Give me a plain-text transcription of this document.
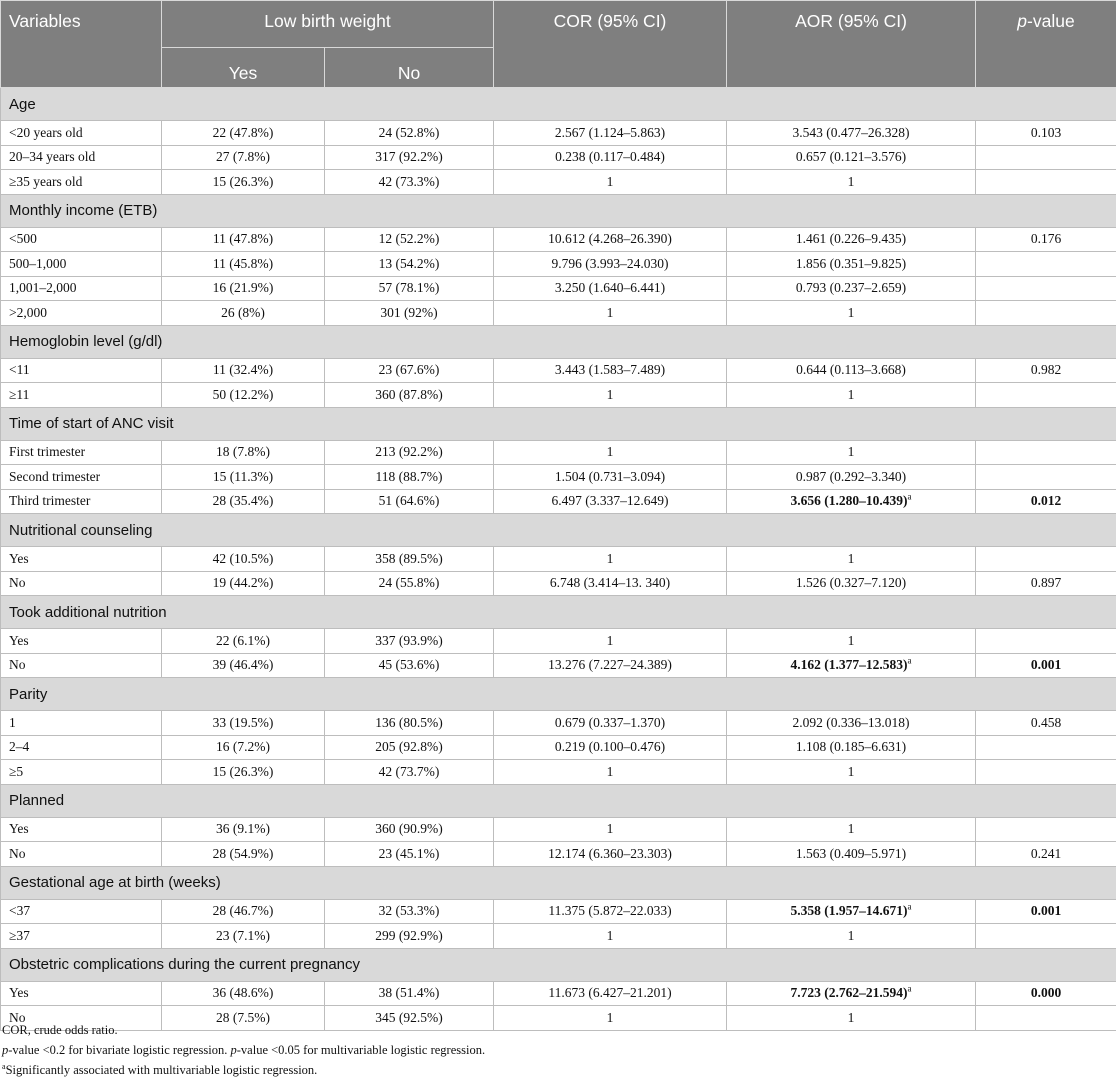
Variables	Low birth weight		COR (95% CI)	AOR (95% CI)	p-value
	Yes	No			
Age					
<20 years old	22 (47.8%)	24 (52.8%)	2.567 (1.124–5.863)	3.543 (0.477–26.328)	0.103
20–34 years old	27 (7.8%)	317 (92.2%)	0.238 (0.117–0.484)	0.657 (0.121–3.576)	
≥35 years old	15 (26.3%)	42 (73.3%)	1	1	
Monthly income (ETB)					
<500	11 (47.8%)	12 (52.2%)	10.612 (4.268–26.390)	1.461 (0.226–9.435)	0.176
500–1,000	11 (45.8%)	13 (54.2%)	9.796 (3.993–24.030)	1.856 (0.351–9.825)	
1,001–2,000	16 (21.9%)	57 (78.1%)	3.250 (1.640–6.441)	0.793 (0.237–2.659)	
>2,000	26 (8%)	301 (92%)	1	1	
Hemoglobin level (g/dl)					
<11	11 (32.4%)	23 (67.6%)	3.443 (1.583–7.489)	0.644 (0.113–3.668)	0.982
≥11	50 (12.2%)	360 (87.8%)	1	1	
Time of start of ANC visit					
First trimester	18 (7.8%)	213 (92.2%)	1	1	
Second trimester	15 (11.3%)	118 (88.7%)	1.504 (0.731–3.094)	0.987 (0.292–3.340)	
Third trimester	28 (35.4%)	51 (64.6%)	6.497 (3.337–12.649)	3.656 $(1.280-10.439)^a$	0.012
Nutritional counseling					
Yes	42 (10.5%)	358 (89.5%)	1	1	
No	19 (44.2%)	24 (55.8%)	6.748 (3.414–13. 340)	1.526 (0.327–7.120)	0.897
Took additional nutrition					
Yes	22 (6.1%)	337 (93.9%)	1	1	
No	39 (46.4%)	45 (53.6%)	13.276 (7.227–24.389)	4.162 $(1.377-12.583)^a$	0.001
Parity					
1	33 (19.5%)	136 (80.5%)	0.679 (0.337–1.370)	2.092 (0.336–13.018)	0.458
2–4	16 (7.2%)	205 (92.8%)	0.219 (0.100–0.476)	1.108 (0.185–6.631)	
≥5	15 (26.3%)	42 (73.7%)	1	1	
Planned					
Yes	36 (9.1%)	360 (90.9%)	1	1	
No	28 (54.9%)	23 (45.1%)	12.174 (6.360–23.303)	1.563 (0.409–5.971)	0.241
Gestational age at birth (weeks)					
<37	28 (46.7%)	32 (53.3%)	11.375 (5.872–22.033)	5.358 $(1.957-14.671)^a$	0.001
≥37	23 (7.1%)	299 (92.9%)	1	1	
Obstetric complications during the current pregnancy					
Yes	36 (48.6%)	38 (51.4%)	11.673 (6.427–21.201)	7.723 $(2.762-21.594)^a$	0.000
No	28 (7.5%)	345 (92.5%)	1	1	
COR, crude odds ratio.
p-value <0.2 for bivariate logistic regression. p-value <0.05 for multivariable logistic regression.
$^a$Significantly associated with multivariable logistic regression.
